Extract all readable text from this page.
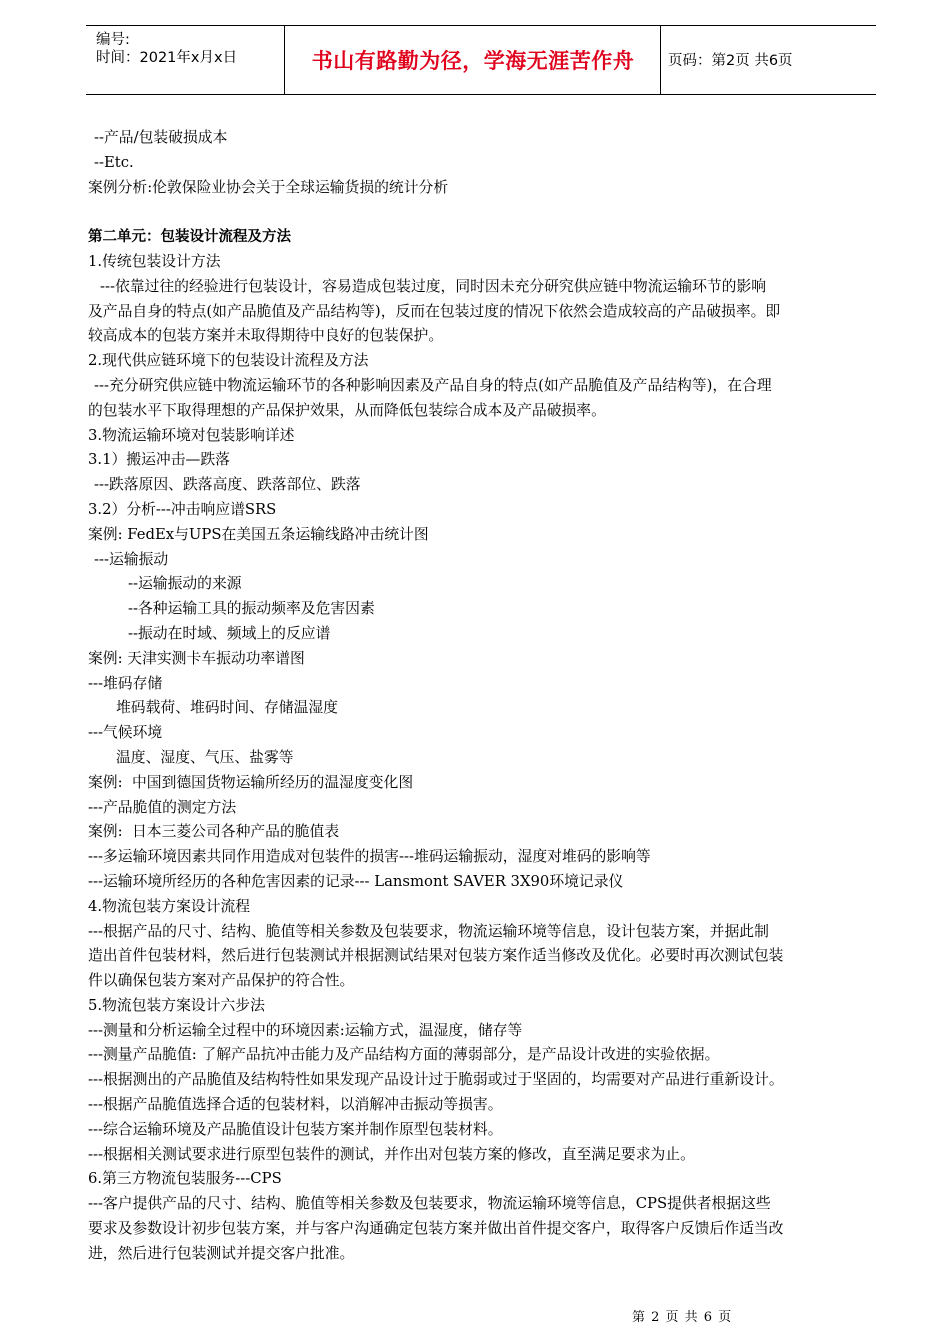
编号:
时间：2021年x月x日	书山有路勤为径，学海无涯苦作舟	页码：第2页 共6页

--产品/包装破损成本

--Etc.

案例分析:伦敦保险业协会关于全球运输货损的统计分析

第二单元：包装设计流程及方法

1.传统包装设计方法

---依靠过往的经验进行包装设计，容易造成包装过度，同时因未充分研究供应链中物流运输环节的影响

及产品自身的特点(如产品脆值及产品结构等)，反而在包装过度的情况下依然会造成较高的产品破损率。即

较高成本的包装方案并未取得期待中良好的包装保护。

2.现代供应链环境下的包装设计流程及方法

---充分研究供应链中物流运输环节的各种影响因素及产品自身的特点(如产品脆值及产品结构等)，在合理

的包装水平下取得理想的产品保护效果，从而降低包装综合成本及产品破损率。

3.物流运输环境对包装影响详述

3.1）搬运冲击—跌落

---跌落原因、跌落高度、跌落部位、跌落

3.2）分析---冲击响应谱SRS

案例: FedEx与UPS在美国五条运输线路冲击统计图

---运输振动

--运输振动的来源

--各种运输工具的振动频率及危害因素

--振动在时域、频域上的反应谱

案例: 天津实测卡车振动功率谱图

---堆码存储

堆码载荷、堆码时间、存储温湿度

---气候环境

温度、湿度、气压、盐雾等

案例:  中国到德国货物运输所经历的温湿度变化图

---产品脆值的测定方法

案例:  日本三菱公司各种产品的脆值表

---多运输环境因素共同作用造成对包装件的损害---堆码运输振动，湿度对堆码的影响等

---运输环境所经历的各种危害因素的记录--- Lansmont SAVER 3X90环境记录仪

4.物流包装方案设计流程

---根据产品的尺寸、结构、脆值等相关参数及包装要求，物流运输环境等信息，设计包装方案，并据此制

造出首件包装材料，然后进行包装测试并根据测试结果对包装方案作适当修改及优化。必要时再次测试包装

件以确保包装方案对产品保护的符合性。

5.物流包装方案设计六步法

---测量和分析运输全过程中的环境因素:运输方式，温湿度，储存等

---测量产品脆值: 了解产品抗冲击能力及产品结构方面的薄弱部分，是产品设计改进的实验依据。

---根据测出的产品脆值及结构特性如果发现产品设计过于脆弱或过于坚固的，均需要对产品进行重新设计。

---根据产品脆值选择合适的包装材料，以消解冲击振动等损害。

---综合运输环境及产品脆值设计包装方案并制作原型包装材料。

---根据相关测试要求进行原型包装件的测试，并作出对包装方案的修改，直至满足要求为止。

6.第三方物流包装服务---CPS

---客户提供产品的尺寸、结构、脆值等相关参数及包装要求，物流运输环境等信息，CPS提供者根据这些

要求及参数设计初步包装方案，并与客户沟通确定包装方案并做出首件提交客户，取得客户反馈后作适当改

进，然后进行包装测试并提交客户批准。

第 2 页 共 6 页
